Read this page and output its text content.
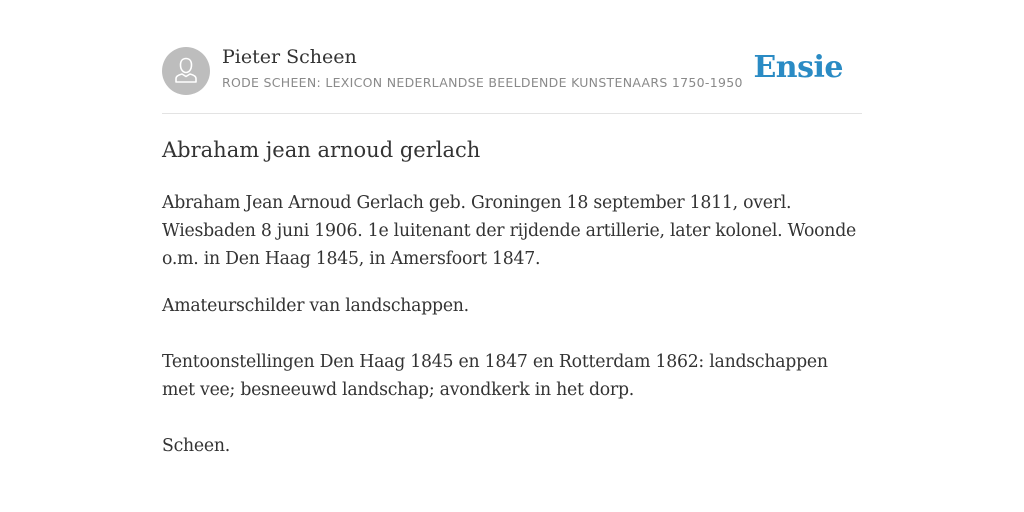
Pieter Scheen
RODE SCHEEN: LEXICON NEDERLANDSE BEELDENDE KUNSTENAARS 1750-1950 Ensie
Abraham jean arnoud gerlach

Abraham Jean Arnoud Gerlach geb. Groningen 18 september 1811, overl. Wiesbaden 8 juni 1906. 1e luitenant der rijdende artillerie, later kolonel. Woonde o.m. in Den Haag 1845, in Amersfoort 1847.

Amateurschilder van landschappen.

Tentoonstellingen Den Haag 1845 en 1847 en Rotterdam 1862: landschappen met vee; besneeuwd landschap; avondkerk in het dorp.

Scheen.
